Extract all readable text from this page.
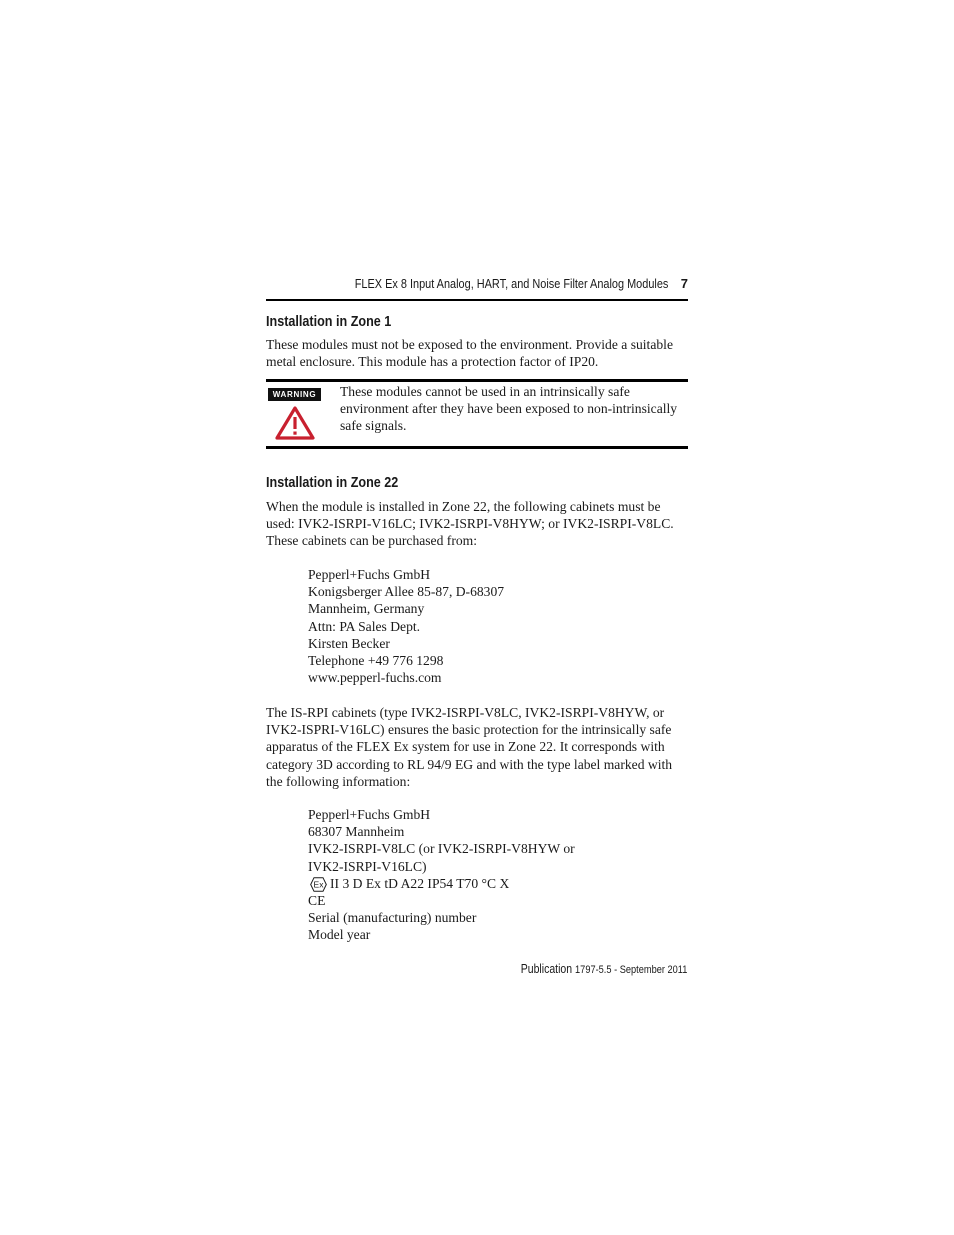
FLEX Ex 8 Input Analog, HART, and Noise Filter Analog Modules 7
Installation in Zone 1

These modules must not be exposed to the environment. Provide a suitable metal enclosure. This module has a protection factor of IP20.

WARNING	These modules cannot be used in an intrinsically safe environment after they have been exposed to non-intrinsically safe signals.

Installation in Zone 22

When the module is installed in Zone 22, the following cabinets must be used: IVK2-ISRPI-V16LC; IVK2-ISRPI-V8HYW; or IVK2-ISRPI-V8LC. These cabinets can be purchased from:

Pepperl+Fuchs GmbH
Konigsberger Allee 85-87, D-68307
Mannheim, Germany
Attn: PA Sales Dept.
Kirsten Becker
Telephone +49 776 1298
www.pepperl-fuchs.com

The IS-RPI cabinets (type IVK2-ISRPI-V8LC, IVK2-ISRPI-V8HYW, or IVK2-ISPRI-V16LC) ensures the basic protection for the intrinsically safe apparatus of the FLEX Ex system for use in Zone 22. It corresponds with category 3D according to RL 94/9 EG and with the type label marked with the following information:

Pepperl+Fuchs GmbH
68307 Mannheim
IVK2-ISRPI-V8LC (or IVK2-ISRPI-V8HYW or
IVK2-ISRPI-V16LC)
Ex II 3 D Ex tD A22 IP54 T70 °C X
CE
Serial (manufacturing) number
Model year
Publication 1797-5.5 - September 2011
